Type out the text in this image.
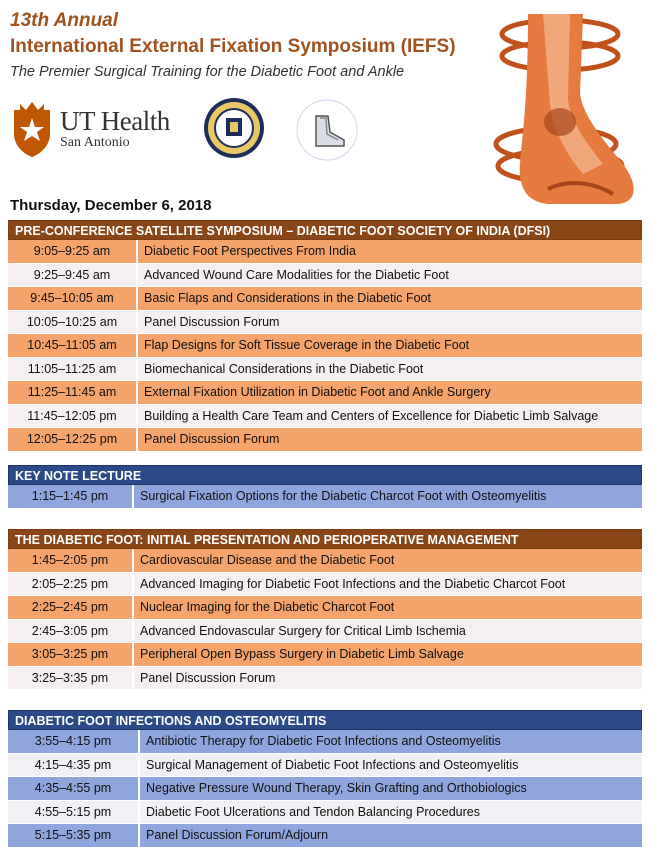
13th Annual
International External Fixation Symposium (IEFS)
The Premier Surgical Training for the Diabetic Foot and Ankle
UT Health
San Antonio
Thursday, December 6, 2018
PRE-CONFERENCE SATELLITE SYMPOSIUM – DIABETIC FOOT SOCIETY OF INDIA (DFSI)
9:05–9:25 am	Diabetic Foot Perspectives From India
9:25–9:45 am	Advanced Wound Care Modalities for the Diabetic Foot
9:45–10:05 am	Basic Flaps and Considerations in the Diabetic Foot
10:05–10:25 am	Panel Discussion Forum
10:45–11:05 am	Flap Designs for Soft Tissue Coverage in the Diabetic Foot
11:05–11:25 am	Biomechanical Considerations in the Diabetic Foot
11:25–11:45 am	External Fixation Utilization in Diabetic Foot and Ankle Surgery
11:45–12:05 pm	Building a Health Care Team and Centers of Excellence for Diabetic Limb Salvage
12:05–12:25 pm	Panel Discussion Forum
KEY NOTE LECTURE
1:15–1:45 pm	Surgical Fixation Options for the Diabetic Charcot Foot with Osteomyelitis
THE DIABETIC FOOT: INITIAL PRESENTATION AND PERIOPERATIVE MANAGEMENT
1:45–2:05 pm	Cardiovascular Disease and the Diabetic Foot
2:05–2:25 pm	Advanced Imaging for Diabetic Foot Infections and the Diabetic Charcot Foot
2:25–2:45 pm	Nuclear Imaging for the Diabetic Charcot Foot
2:45–3:05 pm	Advanced Endovascular Surgery for Critical Limb Ischemia
3:05–3:25 pm	Peripheral Open Bypass Surgery in Diabetic Limb Salvage
3:25–3:35 pm	Panel Discussion Forum
DIABETIC FOOT INFECTIONS AND OSTEOMYELITIS
3:55–4:15 pm	Antibiotic Therapy for Diabetic Foot Infections and Osteomyelitis
4:15–4:35 pm	Surgical Management of Diabetic Foot Infections and Osteomyelitis
4:35–4:55 pm	Negative Pressure Wound Therapy, Skin Grafting and Orthobiologics
4:55–5:15 pm	Diabetic Foot Ulcerations and Tendon Balancing Procedures
5:15–5:35 pm	Panel Discussion Forum/Adjourn
